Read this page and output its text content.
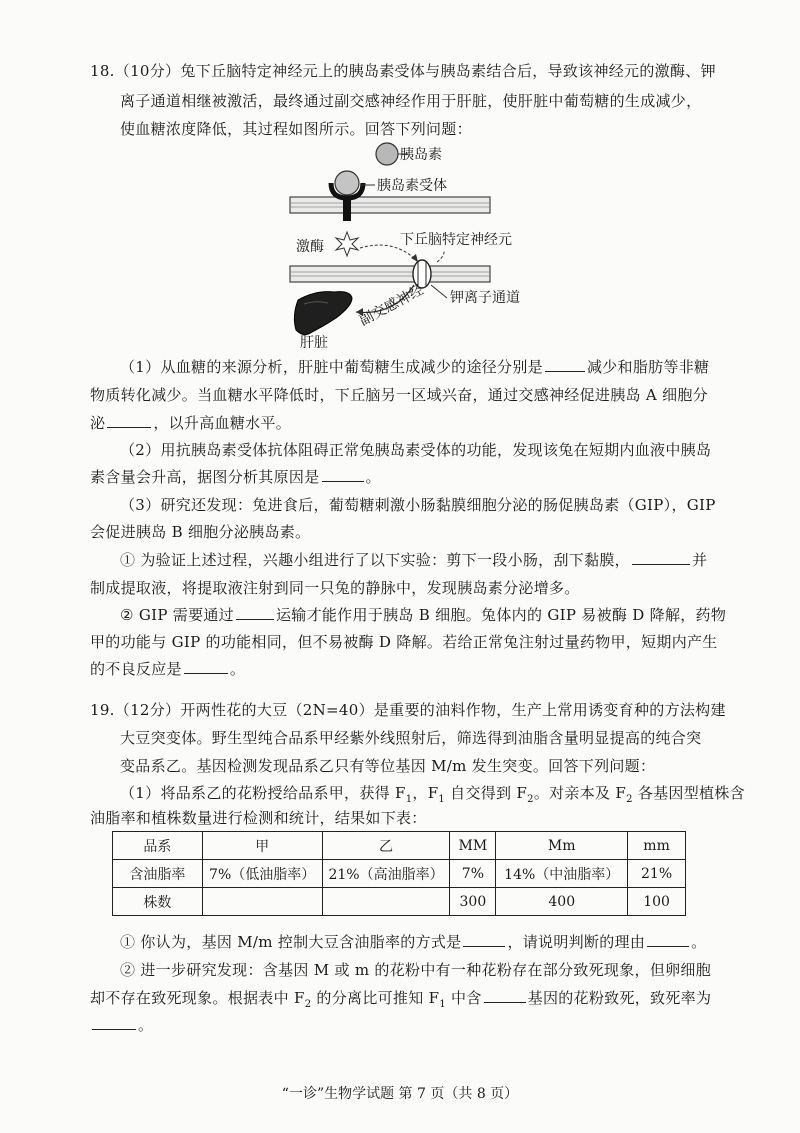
18.（10分）兔下丘脑特定神经元上的胰岛素受体与胰岛素结合后，导致该神经元的激酶、钾
离子通道相继被激活，最终通过副交感神经作用于肝脏，使肝脏中葡萄糖的生成减少，
使血糖浓度降低，其过程如图所示。回答下列问题：
胰岛素
胰岛素受体
激酶	下丘脑特定神经元
钾离子通道
肝脏
副交感神经
（1）从血糖的来源分析，肝脏中葡萄糖生成减少的途径分别是	减少和脂肪等非糖
物质转化减少。当血糖水平降低时，下丘脑另一区域兴奋，通过交感神经促进胰岛 A 细胞分
泌	，以升高血糖水平。
（2）用抗胰岛素受体抗体阻碍正常兔胰岛素受体的功能，发现该兔在短期内血液中胰岛
素含量会升高，据图分析其原因是	。
（3）研究还发现：兔进食后，葡萄糖刺激小肠黏膜细胞分泌的肠促胰岛素（GIP），GIP
会促进胰岛 B 细胞分泌胰岛素。
① 为验证上述过程，兴趣小组进行了以下实验：剪下一段小肠，刮下黏膜，	并
制成提取液，将提取液注射到同一只兔的静脉中，发现胰岛素分泌增多。
② GIP 需要通过	运输才能作用于胰岛 B 细胞。兔体内的 GIP 易被酶 D 降解，药物
甲的功能与 GIP 的功能相同，但不易被酶 D 降解。若给正常兔注射过量药物甲，短期内产生
的不良反应是	。
19.（12分）开两性花的大豆（2N=40）是重要的油料作物，生产上常用诱变育种的方法构建
大豆突变体。野生型纯合品系甲经紫外线照射后，筛选得到油脂含量明显提高的纯合突
变品系乙。基因检测发现品系乙只有等位基因 M/m 发生突变。回答下列问题：
（1）将品系乙的花粉授给品系甲，获得 $F_1$，$F_1$ 自交得到 $F_2$。对亲本及 $F_2$ 各基因型植株含
油脂率和植株数量进行检测和统计，结果如下表：
品系	甲	乙	MM	Mm	mm
含油脂率	7%（低油脂率）	21%（高油脂率）	7%	14%（中油脂率）	21%
株数			300	400	100
① 你认为，基因 M/m 控制大豆含油脂率的方式是	，请说明判断的理由	。
② 进一步研究发现：含基因 M 或 m 的花粉中有一种花粉存在部分致死现象，但卵细胞
却不存在致死现象。根据表中 $F_2$ 的分离比可推知 $F_1$ 中含	基因的花粉致死，致死率为
。
“一诊”生物学试题 第 7 页（共 8 页）
